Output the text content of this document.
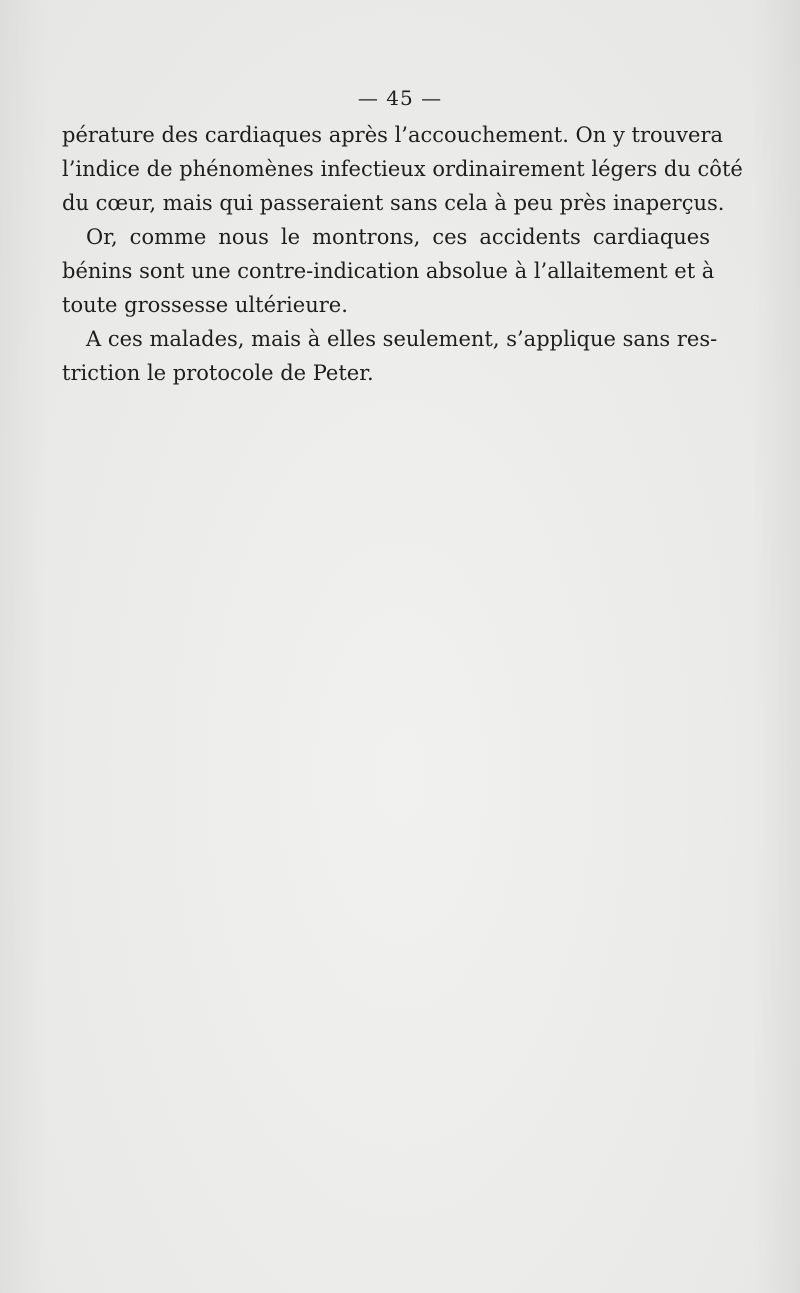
— 45 —
pérature des cardiaques après l’accouchement. On y trouvera
l’indice de phénomènes infectieux ordinairement légers du côté
du cœur, mais qui passeraient sans cela à peu près inaperçus.
Or, comme nous le montrons, ces accidents cardiaques
bénins sont une contre-indication absolue à l’allaitement et à
toute grossesse ultérieure.
A ces malades, mais à elles seulement, s’applique sans res-
triction le protocole de Peter.
